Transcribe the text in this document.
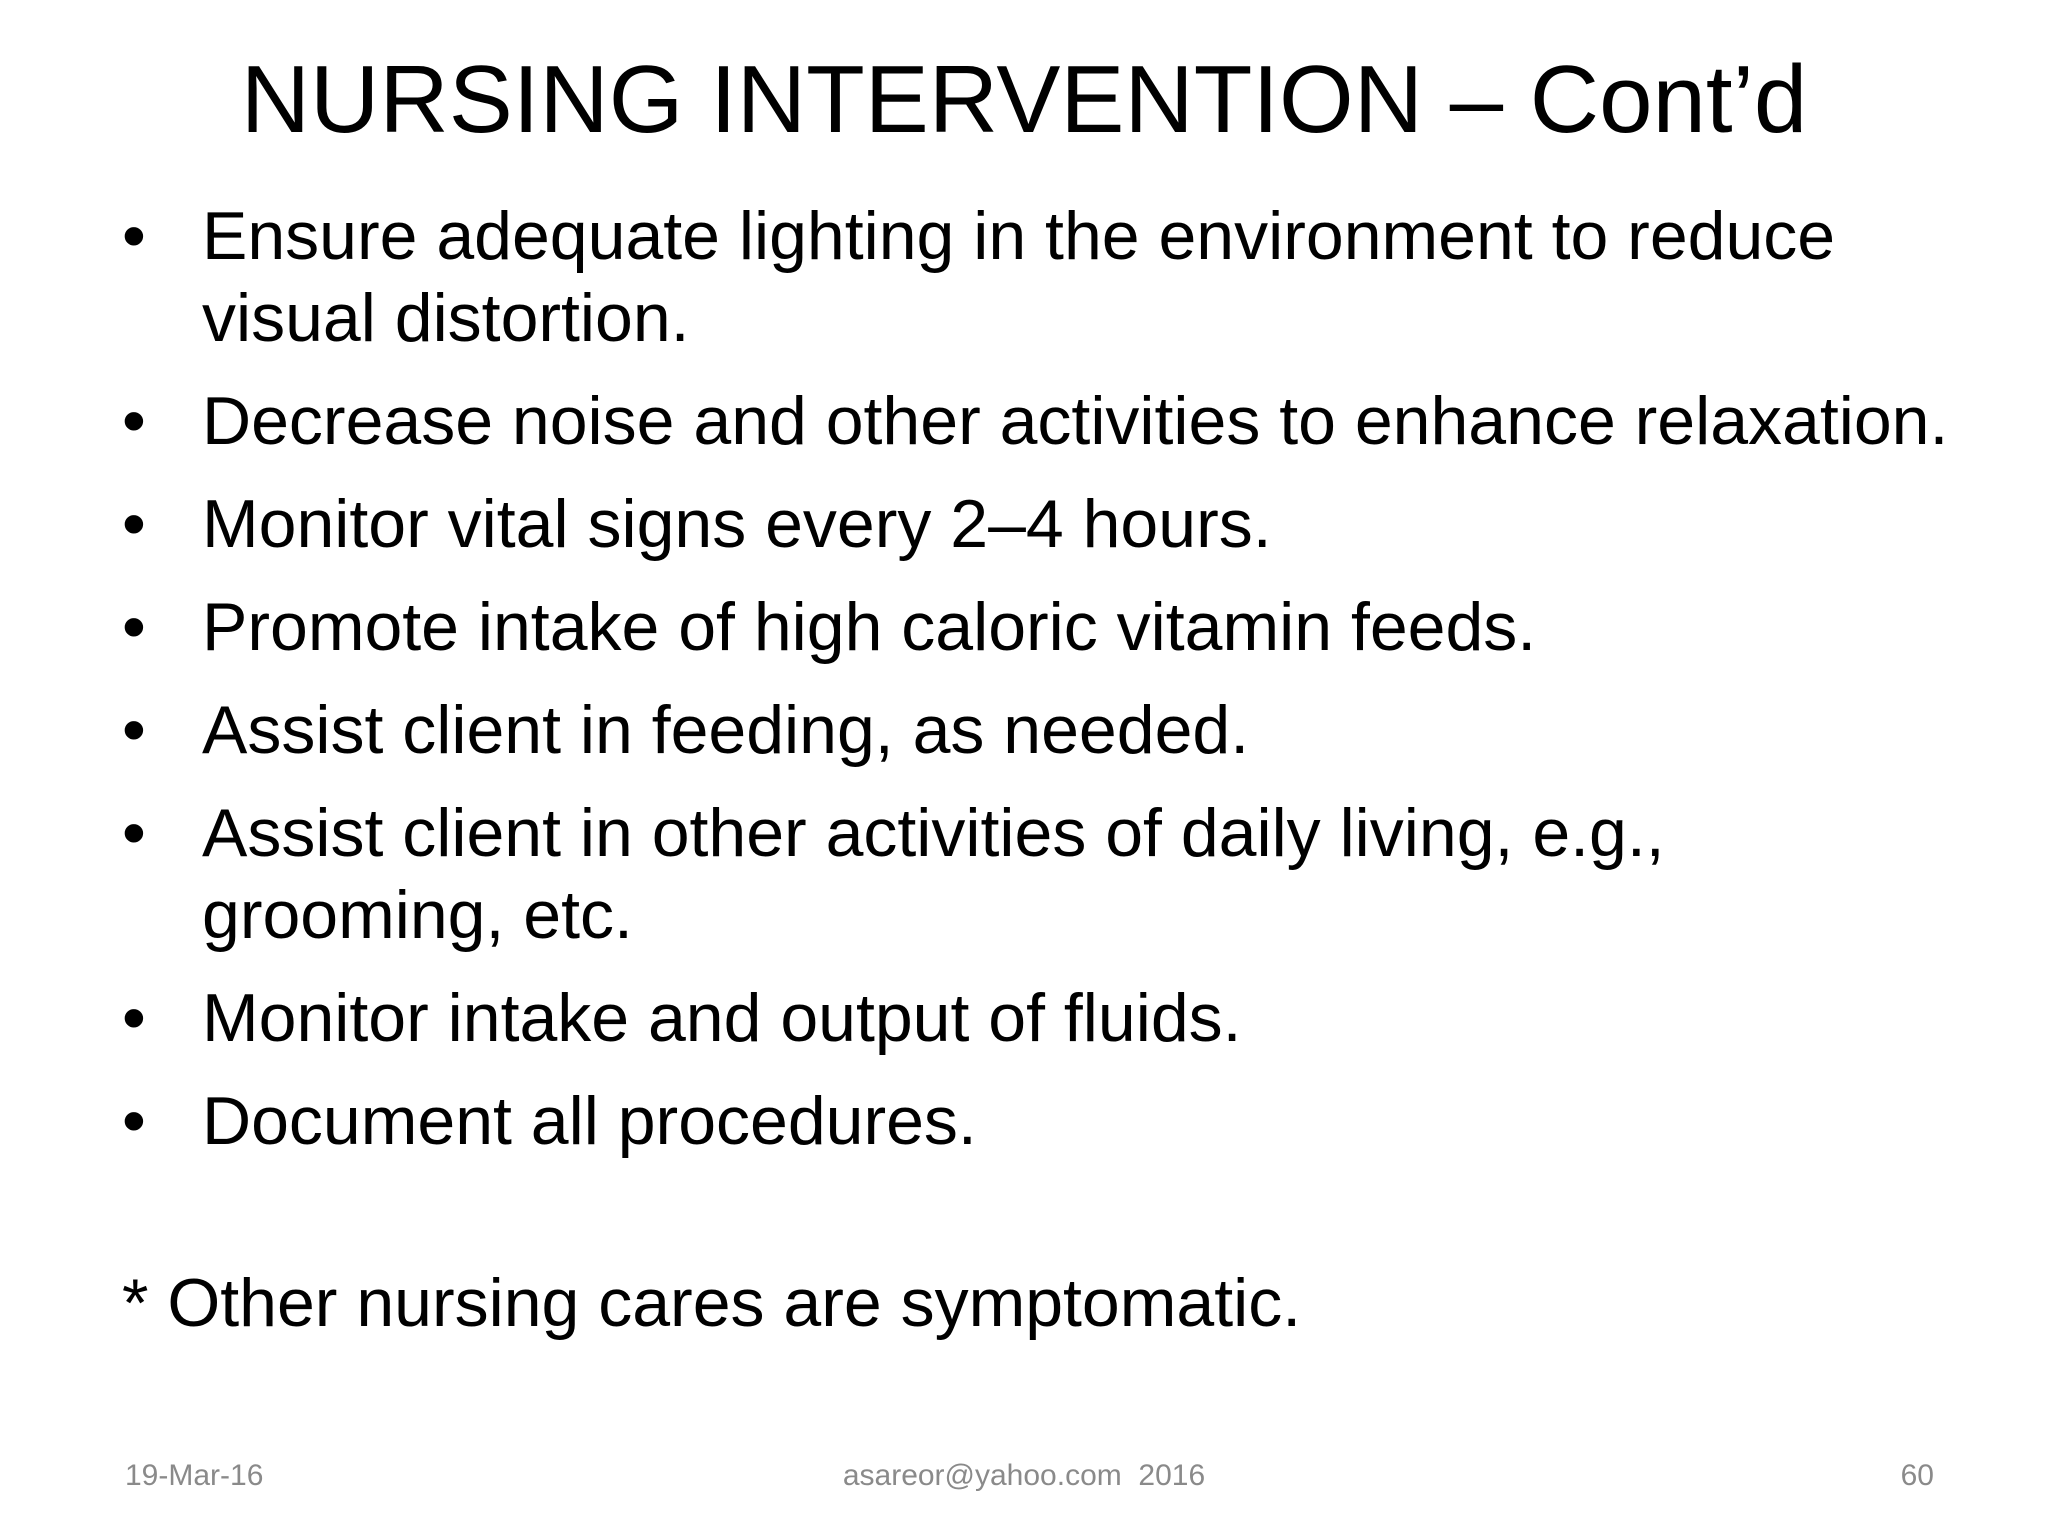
NURSING INTERVENTION – Cont’d
• Ensure adequate lighting in the environment to reduce visual distortion.
• Decrease noise and other activities to enhance relaxation.
• Monitor vital signs every 2–4 hours.
• Promote intake of high caloric vitamin feeds.
• Assist client in feeding, as needed.
• Assist client in other activities of daily living, e.g., grooming, etc.
• Monitor intake and output of fluids.
• Document all procedures.
* Other nursing cares are symptomatic.
19-Mar-16	asareor@yahoo.com  2016	60
